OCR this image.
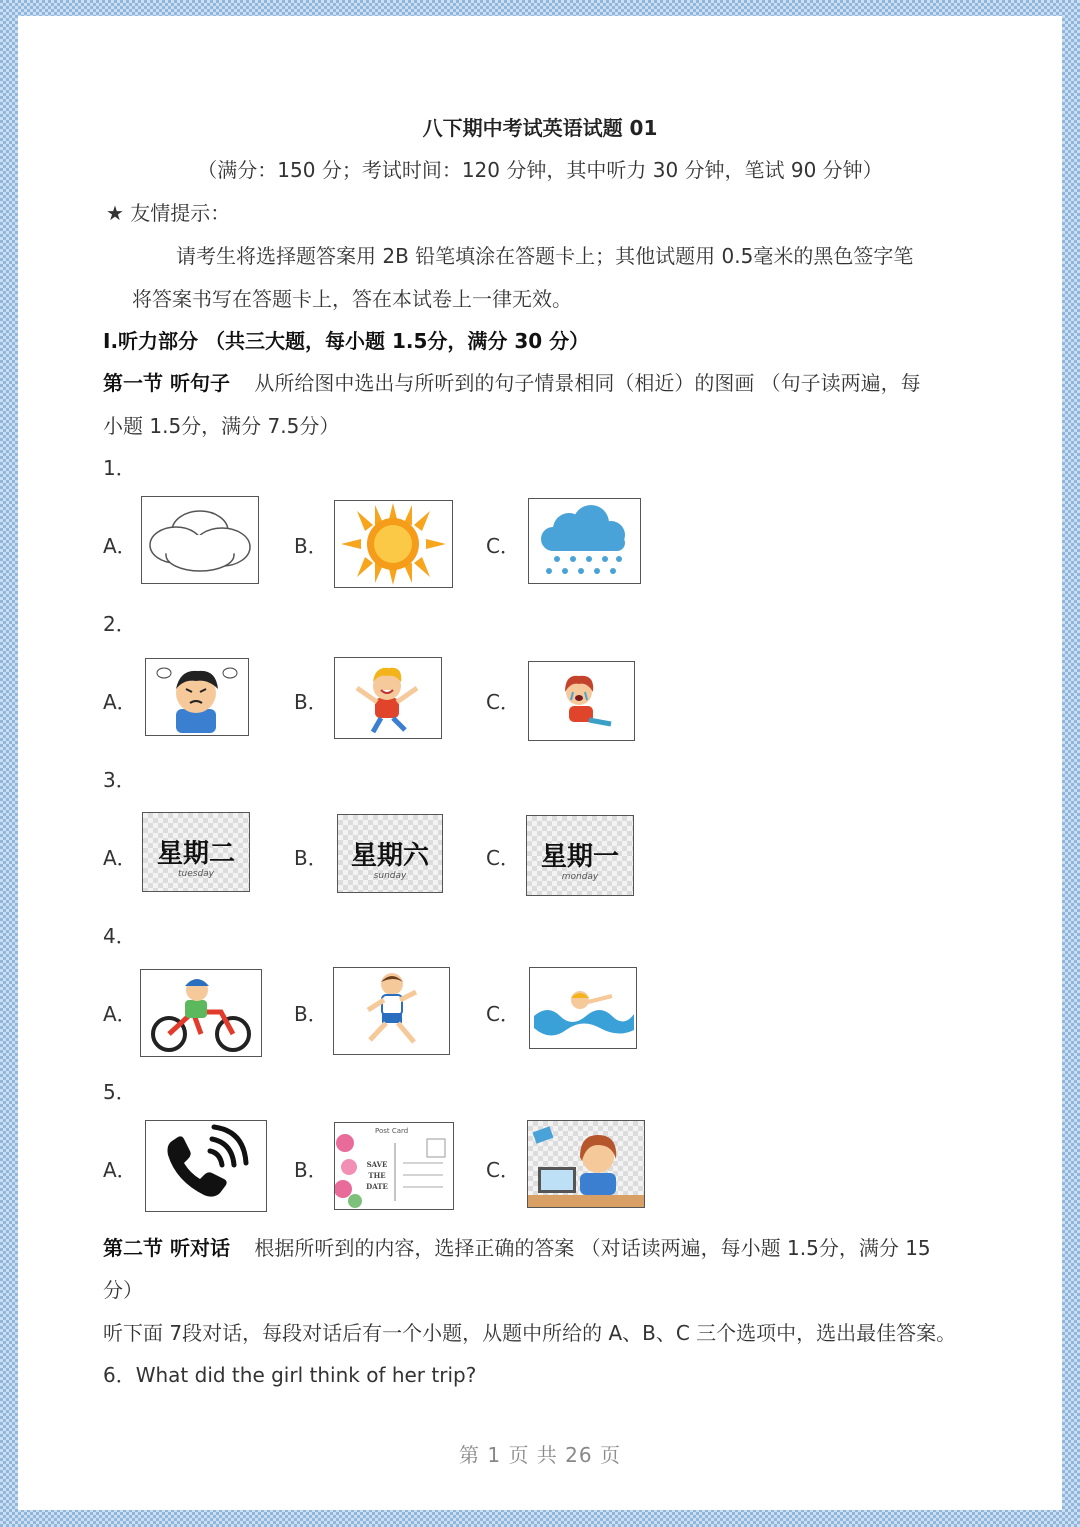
八下期中考试英语试题 01
（满分：150 分；考试时间：120 分钟，其中听力 30 分钟，笔试 90 分钟）
★ 友情提示：
请考生将选择题答案用 2B 铅笔填涂在答题卡上；其他试题用 0.5毫米的黑色签字笔
将答案书写在答题卡上，答在本试卷上一律无效。
I.听力部分 （共三大题，每小题 1.5分，满分 30 分）
第一节 听句子 从所给图中选出与所听到的句子情景相同（相近）的图画 （句子读两遍，每
小题 1.5分，满分 7.5分）
1．
A．	B．	C．
2．
A．	B．	C．
3．
A． 星期二
tuesday
B． 星期六
sunday
C． 星期一
monday
4．
A．	B．	C．
5．
A．	B．
Post Card
SAVE THE DATE
C．
第二节 听对话 根据所听到的内容，选择正确的答案 （对话读两遍，每小题 1.5分，满分 15
分）
听下面 7段对话，每段对话后有一个小题，从题中所给的 A、B、C 三个选项中，选出最佳答案。
6．What did the girl think of her trip?
第 1 页 共 26 页
